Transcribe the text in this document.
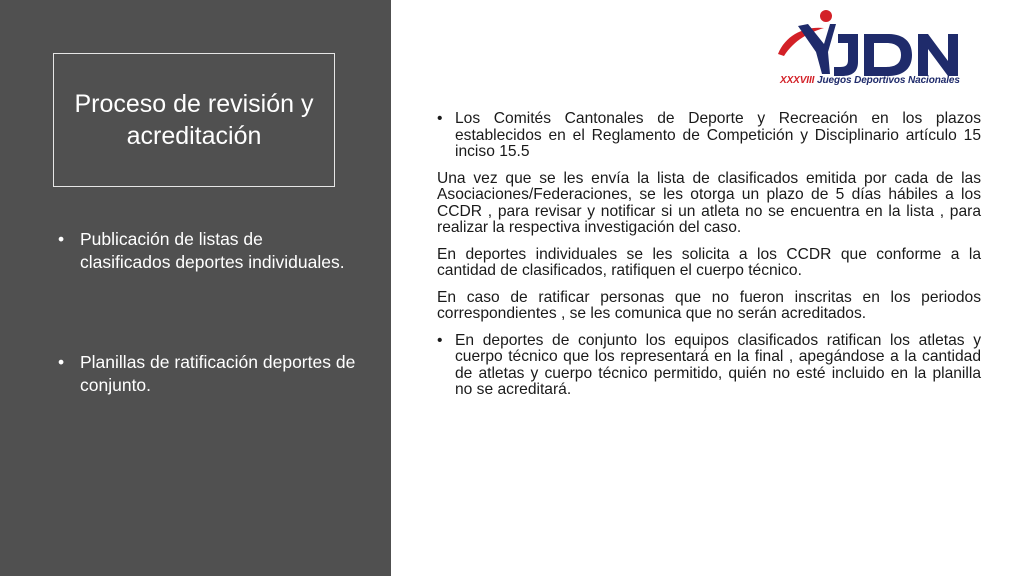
Proceso de revisión y acreditación
• Publicación de listas de clasificados deportes individuales.
• Planillas de ratificación deportes de conjunto.
XXXVIII Juegos Deportivos Nacionales
• Los Comités Cantonales de Deporte y Recreación en los plazos establecidos en el Reglamento de Competición y Disciplinario artículo 15 inciso 15.5
Una vez que se les envía la lista de clasificados emitida por cada de las Asociaciones/Federaciones, se les otorga un plazo de 5 días hábiles a los CCDR , para revisar y notificar si un atleta no se encuentra en la lista , para realizar la respectiva investigación del caso.
En deportes individuales se les solicita a los CCDR que conforme a la cantidad de clasificados, ratifiquen el cuerpo técnico.
En caso de ratificar personas que no fueron inscritas en los periodos correspondientes , se les comunica que no serán acreditados.
• En deportes de conjunto los equipos clasificados ratifican los atletas y cuerpo técnico que los representará en la final , apegándose a la cantidad de atletas y cuerpo técnico permitido, quién no esté incluido en la planilla no se acreditará.
